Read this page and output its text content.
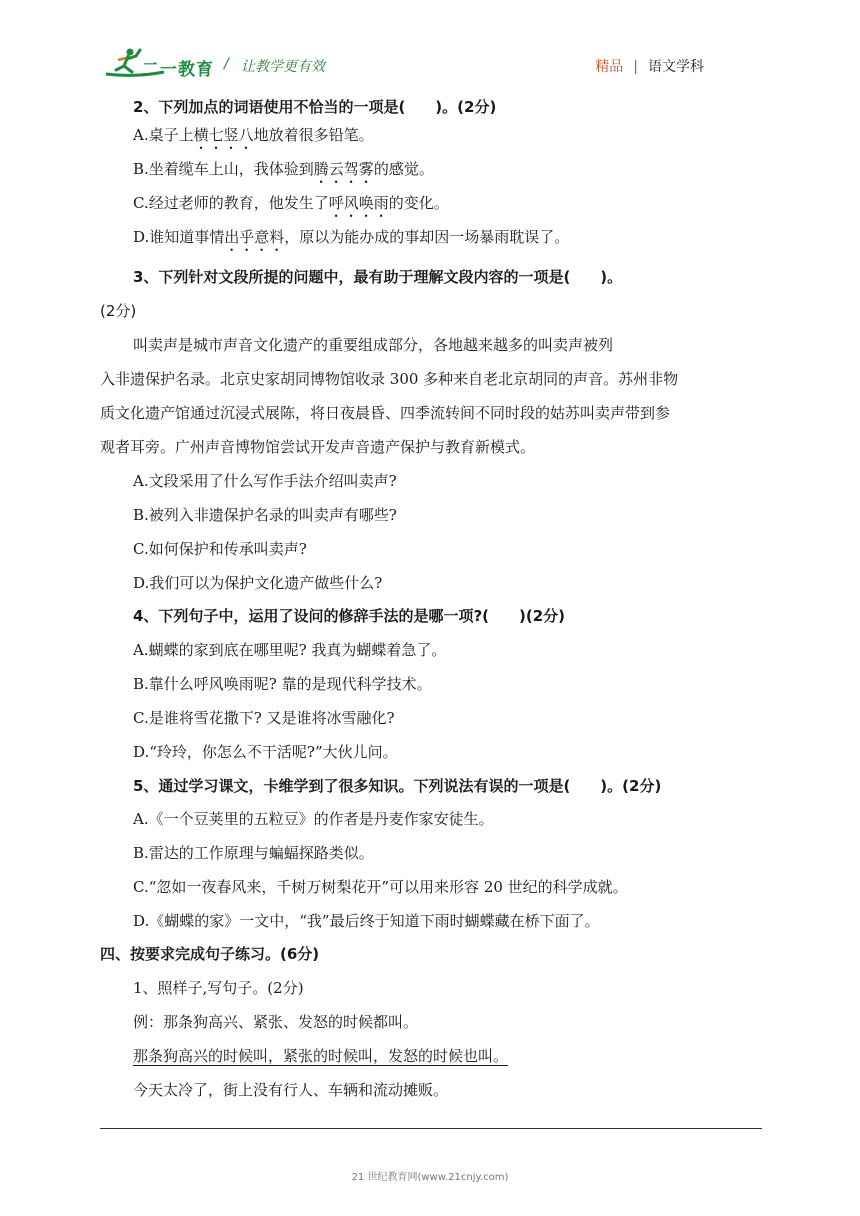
二一教育 / 让教学更有效	精品 | 语文学科
2、下列加点的词语使用不恰当的一项是(　　)。(2分)
A.桌子上横七竖八地放着很多铅笔。
B.坐着缆车上山，我体验到腾云驾雾的感觉。
C.经过老师的教育，他发生了呼风唤雨的变化。
D.谁知道事情出乎意料，原以为能办成的事却因一场暴雨耽误了。
3、下列针对文段所提的问题中，最有助于理解文段内容的一项是(　　)。
(2分)
叫卖声是城市声音文化遗产的重要组成部分，各地越来越多的叫卖声被列
入非遗保护名录。北京史家胡同博物馆收录 300 多种来自老北京胡同的声音。苏州非物
质文化遗产馆通过沉浸式展陈，将日夜晨昏、四季流转间不同时段的姑苏叫卖声带到参
观者耳旁。广州声音博物馆尝试开发声音遗产保护与教育新模式。
A.文段采用了什么写作手法介绍叫卖声?
B.被列入非遗保护名录的叫卖声有哪些?
C.如何保护和传承叫卖声?
D.我们可以为保护文化遗产做些什么?
4、下列句子中，运用了设问的修辞手法的是哪一项?(　　)(2分)
A.蝴蝶的家到底在哪里呢? 我真为蝴蝶着急了。
B.靠什么呼风唤雨呢? 靠的是现代科学技术。
C.是谁将雪花撒下? 又是谁将冰雪融化?
D.“玲玲，你怎么不干活呢?”大伙儿问。
5、通过学习课文，卡维学到了很多知识。下列说法有误的一项是(　　)。(2分)
A.《一个豆荚里的五粒豆》的作者是丹麦作家安徒生。
B.雷达的工作原理与蝙蝠探路类似。
C.“忽如一夜春风来，千树万树梨花开”可以用来形容 20 世纪的科学成就。
D.《蝴蝶的家》一文中，“我”最后终于知道下雨时蝴蝶藏在桥下面了。
四、按要求完成句子练习。(6分)
1、照样子,写句子。(2分)
例：那条狗高兴、紧张、发怒的时候都叫。
那条狗高兴的时候叫，紧张的时候叫，发怒的时候也叫。
今天太冷了，街上没有行人、车辆和流动摊贩。
21 世纪教育网(www.21cnjy.com)
